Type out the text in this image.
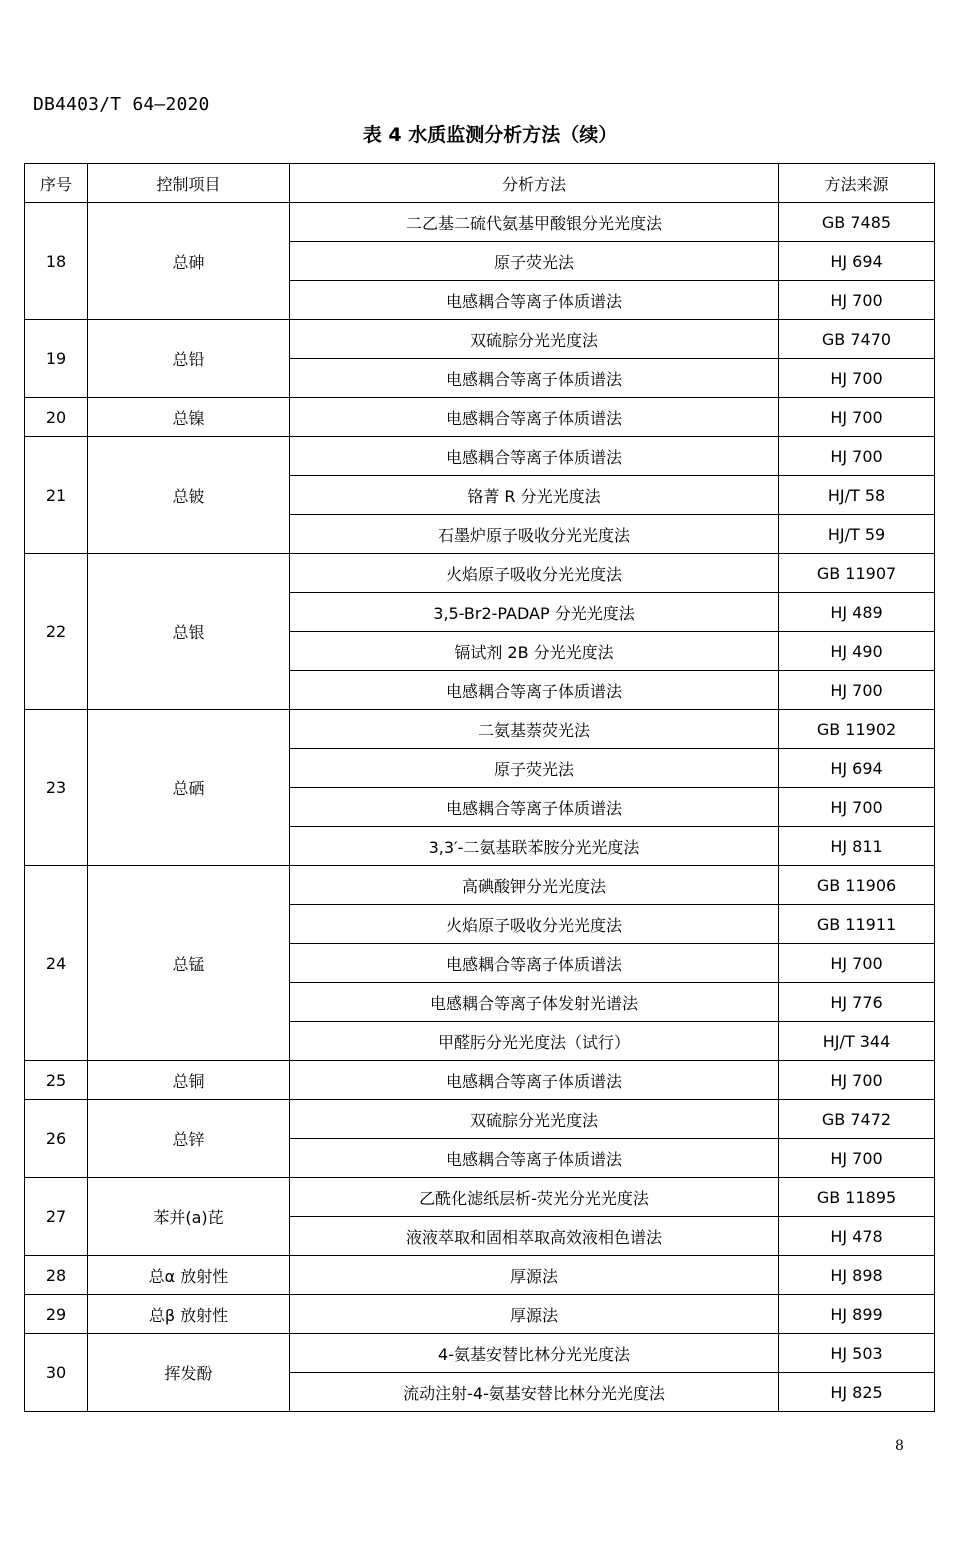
DB4403/T 64—2020
表 4 水质监测分析方法（续）
序号	控制项目	分析方法	方法来源
18	总砷	二乙基二硫代氨基甲酸银分光光度法	GB 7485
		原子荧光法	HJ 694
		电感耦合等离子体质谱法	HJ 700
19	总铅	双硫腙分光光度法	GB 7470
		电感耦合等离子体质谱法	HJ 700
20	总镍	电感耦合等离子体质谱法	HJ 700
21	总铍	电感耦合等离子体质谱法	HJ 700
		铬菁 R 分光光度法	HJ/T 58
		石墨炉原子吸收分光光度法	HJ/T 59
22	总银	火焰原子吸收分光光度法	GB 11907
		3,5-Br2-PADAP 分光光度法	HJ 489
		镉试剂 2B 分光光度法	HJ 490
		电感耦合等离子体质谱法	HJ 700
23	总硒	二氨基萘荧光法	GB 11902
		原子荧光法	HJ 694
		电感耦合等离子体质谱法	HJ 700
		3,3′-二氨基联苯胺分光光度法	HJ 811
24	总锰	高碘酸钾分光光度法	GB 11906
		火焰原子吸收分光光度法	GB 11911
		电感耦合等离子体质谱法	HJ 700
		电感耦合等离子体发射光谱法	HJ 776
		甲醛肟分光光度法（试行）	HJ/T 344
25	总铜	电感耦合等离子体质谱法	HJ 700
26	总锌	双硫腙分光光度法	GB 7472
		电感耦合等离子体质谱法	HJ 700
27	苯并(a)芘	乙酰化滤纸层析-荧光分光光度法	GB 11895
		液液萃取和固相萃取高效液相色谱法	HJ 478
28	总α 放射性	厚源法	HJ 898
29	总β 放射性	厚源法	HJ 899
30	挥发酚	4-氨基安替比林分光光度法	HJ 503
		流动注射-4-氨基安替比林分光光度法	HJ 825
8
